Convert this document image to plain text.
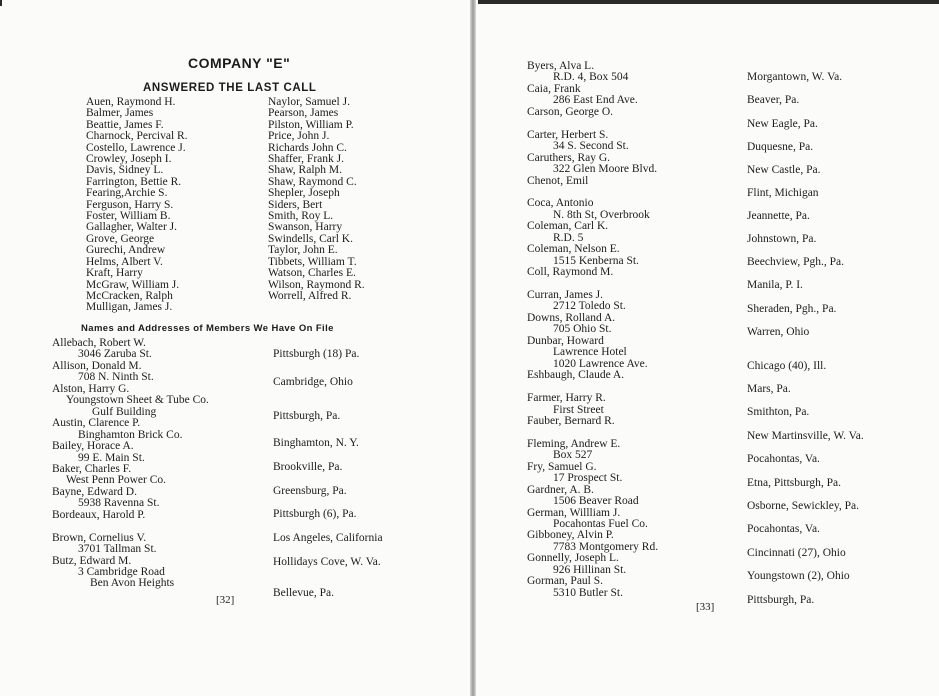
COMPANY "E"
ANSWERED THE LAST CALL
Auen, Raymond H.
Balmer, James
Beattie, James F.
Charnock, Percival R.
Costello, Lawrence J.
Crowley, Joseph I.
Davis, Sidney L.
Farrington, Bettie R.
Fearing,Archie S.
Ferguson, Harry S.
Foster, William B.
Gallagher, Walter J.
Grove, George
Gurechi, Andrew
Helms, Albert V.
Kraft, Harry
McGraw, William J.
McCracken, Ralph
Mulligan, James J.
Naylor, Samuel J.
Pearson, James
Pilston, William P.
Price, John J.
Richards John C.
Shaffer, Frank J.
Shaw, Ralph M.
Shaw, Raymond C.
Shepler, Joseph
Siders, Bert
Smith, Roy L.
Swanson, Harry
Swindells, Carl K.
Taylor, John E.
Tibbets, William T.
Watson, Charles E.
Wilson, Raymond R.
Worrell, Alfred R.
Names and Addresses of Members We Have On File
Allebach, Robert W.
3046 Zaruba St.
Allison, Donald M.
708 N. Ninth St.
Alston, Harry G.
Youngstown Sheet & Tube Co.
Gulf Building
Austin, Clarence P.
Binghamton Brick Co.
Bailey, Horace A.
99 E. Main St.
Baker, Charles F.
West Penn Power Co.
Bayne, Edward D.
5938 Ravenna St.
Bordeaux, Harold P.
Brown, Cornelius V.
3701 Tallman St.
Butz, Edward M.
3 Cambridge Road
Ben Avon Heights
Pittsburgh (18) Pa.
Cambridge, Ohio
Pittsburgh, Pa.
Binghamton, N. Y.
Brookville, Pa.
Greensburg, Pa.
Pittsburgh (6), Pa.
Los Angeles, California
Hollidays Cove, W. Va.
Bellevue, Pa.
[32]
Byers, Alva L.
R.D. 4, Box 504
Caia, Frank
286 East End Ave.
Carson, George O.
Carter, Herbert S.
34 S. Second St.
Caruthers, Ray G.
322 Glen Moore Blvd.
Chenot, Emil
Coca, Antonio
N. 8th St, Overbrook
Coleman, Carl K.
R.D. 5
Coleman, Nelson E.
1515 Kenberna St.
Coll, Raymond M.
Curran, James J.
2712 Toledo St.
Downs, Rolland A.
705 Ohio St.
Dunbar, Howard
Lawrence Hotel
1020 Lawrence Ave.
Eshbaugh, Claude A.
Farmer, Harry R.
First Street
Fauber, Bernard R.
Fleming, Andrew E.
Box 527
Fry, Samuel G.
17 Prospect St.
Gardner, A. B.
1506 Beaver Road
German, Willliam J.
Pocahontas Fuel Co.
Gibboney, Alvin P.
7783 Montgomery Rd.
Gonnelly, Joseph L.
926 Hillinan St.
Gorman, Paul S.
5310 Butler St.
Morgantown, W. Va.
Beaver, Pa.
New Eagle, Pa.
Duquesne, Pa.
New Castle, Pa.
Flint, Michigan
Jeannette, Pa.
Johnstown, Pa.
Beechview, Pgh., Pa.
Manila, P. I.
Sheraden, Pgh., Pa.
Warren, Ohio
Chicago (40), Ill.
Mars, Pa.
Smithton, Pa.
New Martinsville, W. Va.
Pocahontas, Va.
Etna, Pittsburgh, Pa.
Osborne, Sewickley, Pa.
Pocahontas, Va.
Cincinnati (27), Ohio
Youngstown (2), Ohio
Pittsburgh, Pa.
[33]
